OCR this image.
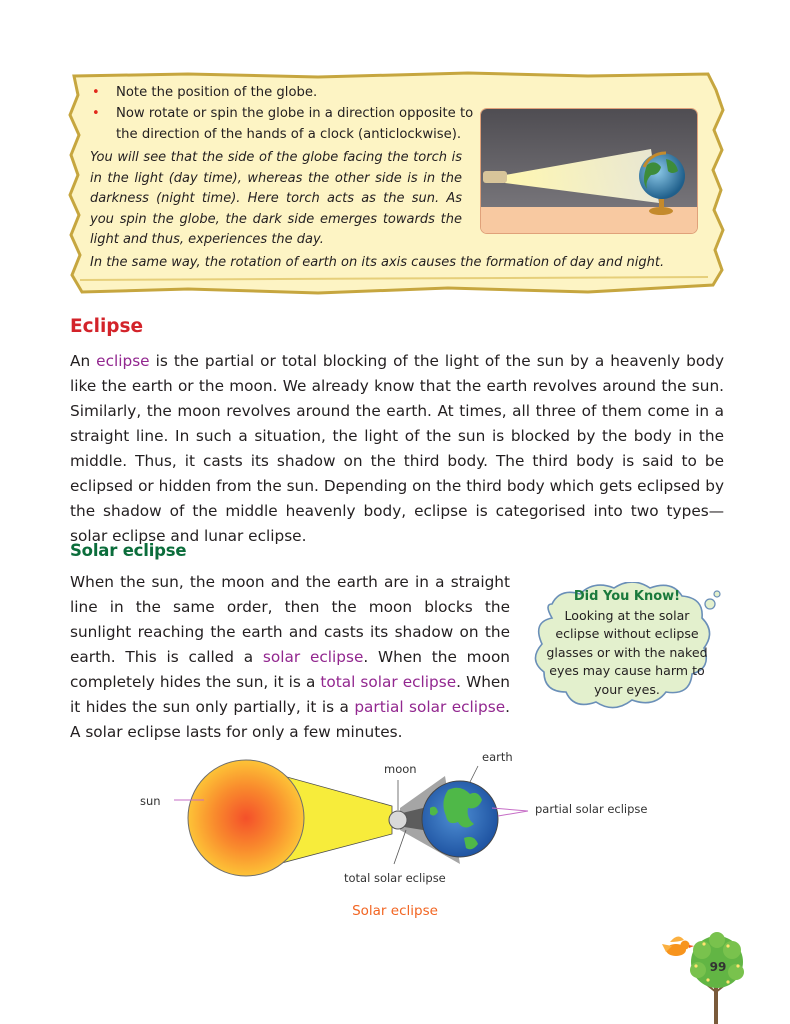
• Note the position of the globe.
• Now rotate or spin the globe in a direction opposite to the direction of the hands of a clock (anticlockwise).

You will see that the side of the globe facing the torch is in the light (day time), whereas the other side is in the darkness (night time). Here torch acts as the sun. As you spin the globe, the dark side emerges towards the light and thus, experiences the day.

In the same way, the rotation of earth on its axis causes the formation of day and night.

Eclipse

An eclipse is the partial or total blocking of the light of the sun by a heavenly body like the earth or the moon. We already know that the earth revolves around the sun. Similarly, the moon revolves around the earth. At times, all three of them come in a straight line. In such a situation, the light of the sun is blocked by the body in the middle. Thus, it casts its shadow on the third body. The third body is said to be eclipsed or hidden from the sun. Depending on the third body which gets eclipsed by the shadow of the middle heavenly body, eclipse is categorised into two types—solar eclipse and lunar eclipse.

Solar eclipse

When the sun, the moon and the earth are in a straight line in the same order, then the moon blocks the sunlight reaching the earth and casts its shadow on the earth. This is called a solar eclipse. When the moon completely hides the sun, it is a total solar eclipse. When it hides the sun only partially, it is a partial solar eclipse. A solar eclipse lasts for only a few minutes.

Did You Know!
Looking at the solar eclipse without eclipse glasses or with the naked eyes may cause harm to your eyes.
sun
moon
earth
partial solar eclipse
total solar eclipse
Solar eclipse
99
